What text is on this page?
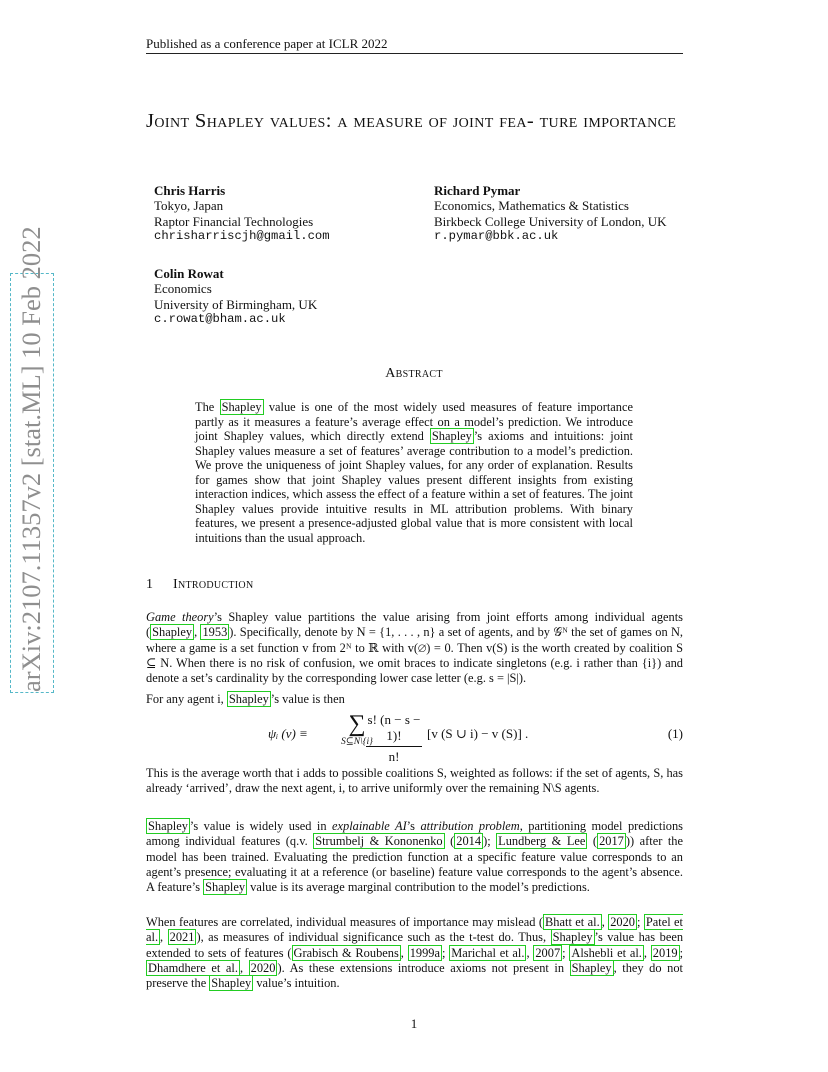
Published as a conference paper at ICLR 2022
Joint Shapley values: a measure of joint fea- ture importance
Chris Harris
Tokyo, Japan
Raptor Financial Technologies
chrisharriscjh@gmail.com
Richard Pymar
Economics, Mathematics & Statistics
Birkbeck College University of London, UK
r.pymar@bbk.ac.uk
Colin Rowat
Economics
University of Birmingham, UK
c.rowat@bham.ac.uk
arXiv:2107.11357v2 [stat.ML] 10 Feb 2022	Abstract
The Shapley value is one of the most widely used measures of feature importance partly as it measures a feature’s average effect on a model’s prediction. We introduce joint Shapley values, which directly extend Shapley ’s axioms and intuitions: joint Shapley values measure a set of features’ average contribution to a model’s prediction. We prove the uniqueness of joint Shapley values, for any order of explanation. Results for games show that joint Shapley values present different insights from existing interaction indices, which assess the effect of a feature within a set of features. The joint Shapley values provide intuitive results in ML attribution problems. With binary features, we present a presence-adjusted global value that is more consistent with local intuitions than the usual approach.
1 Introduction
Game theory’s Shapley value partitions the value arising from joint efforts among individual agents ( Shapley , 1953 ). Specifically, denote by N = {1, . . . , n} a set of agents, and by 𝒢ᴺ the set of games on N, where a game is a set function v from 2ᴺ to ℝ with v(∅) = 0. Then v(S) is the worth created by coalition S ⊆ N. When there is no risk of confusion, we omit braces to indicate singletons (e.g. i rather than {i}) and denote a set’s cardinality by the corresponding lower case letter (e.g. s = |S|).
For any agent i, Shapley ’s value is then
ψᵢ (v) ≡	∑
S⊆N\{i}
$\frac{s! (n - s - 1)!}{n!} [v$ (S ∪ i) − v (S)] .	(1)
This is the average worth that i adds to possible coalitions S, weighted as follows: if the set of agents, S, has already ‘arrived’, draw the next agent, i, to arrive uniformly over the remaining N\S agents.
Shapley ’s value is widely used in explainable AI’s attribution problem, partitioning model predictions among individual features (q.v. Strumbelj & Kononenko ( 2014 ); Lundberg & Lee ( 2017 )) after the model has been trained. Evaluating the prediction function at a specific feature value corresponds to an agent’s presence; evaluating it at a reference (or baseline) feature value corresponds to the agent’s absence. A feature’s Shapley value is its average marginal contribution to the model’s predictions.
When features are correlated, individual measures of importance may mislead ( Bhatt et al. , 2020 ; Patel et al. , 2021 ), as measures of individual significance such as the t-test do. Thus, Shapley ’s value has been extended to sets of features ( Grabisch & Roubens , 1999a ; Marichal et al. , 2007 ; Alshebli et al. , 2019 ; Dhamdhere et al. , 2020 ). As these extensions introduce axioms not present in Shapley , they do not preserve the Shapley value’s intuition.
1
